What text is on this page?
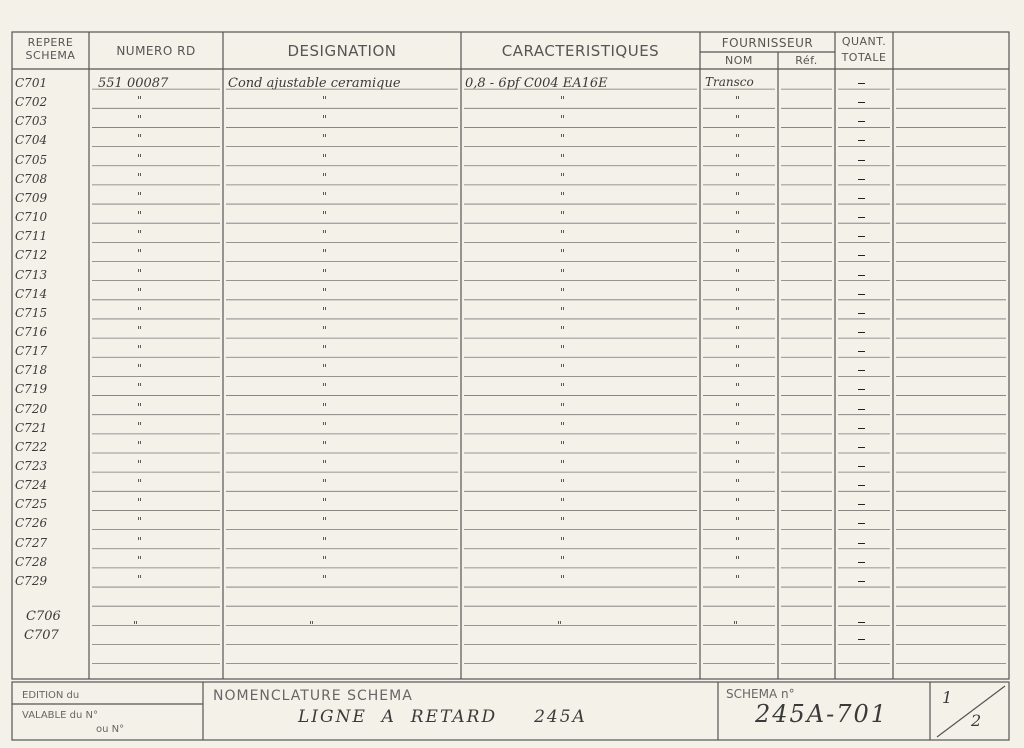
REPERE
SCHEMA	NUMERO RD	DESIGNATION	CARACTERISTIQUES	FOURNISSEUR
NOM	Réf.
QUANT.
TOTALE
551 00087	Cond ajustable ceramique	0,8 - 6pf C004 EA16E	Transco
C701
C702	"	"	"	"
C703	"	"	"	"
C704	"	"	"	"
C705	"	"	"	"
C708	"	"	"	"
C709	"	"	"	"
C710	"	"	"	"
C711	"	"	"	"
C712	"	"	"	"
C713	"	"	"	"
C714	"	"	"	"
C715	"	"	"	"
C716	"	"	"	"
C717	"	"	"	"
C718	"	"	"	"
C719	"	"	"	"
C720	"	"	"	"
C721	"	"	"	"
C722	"	"	"	"
C723	"	"	"	"
C724	"	"	"	"
C725	"	"	"	"
C726	"	"	"	"
C727	"	"	"	"
C728	"	"	"	"
C729	"	"	"	"
C706
C707
"	"	"	"
EDITION du
VALABLE du N°
ou N°
NOMENCLATURE SCHEMA
LIGNE  A  RETARD     245A
SCHEMA n°
245A-701
1
2
